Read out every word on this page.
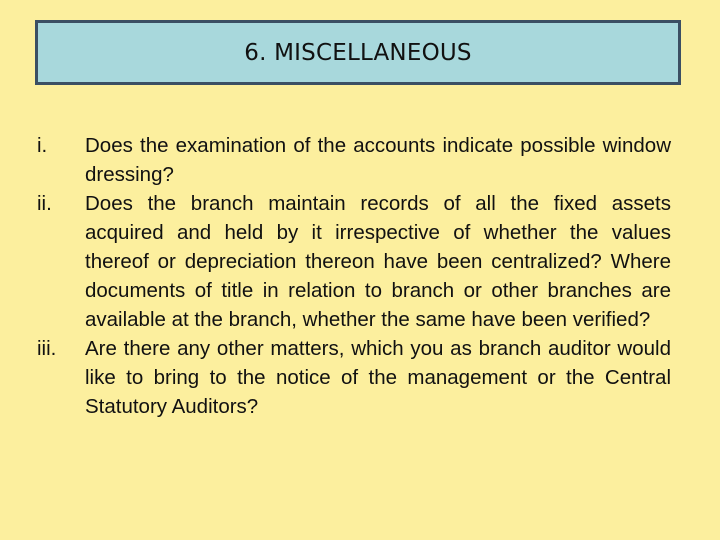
6. MISCELLANEOUS
i.	Does the examination of the accounts indicate possible window dressing?
ii.	Does the branch maintain records of all the fixed assets acquired and held by it irrespective of whether the values thereof or depreciation thereon have been centralized? Where documents of title in relation to branch or other branches are available at the branch, whether the same have been verified?
iii.	Are there any other matters, which you as branch auditor would like to bring to the notice of the management or the Central Statutory Auditors?
